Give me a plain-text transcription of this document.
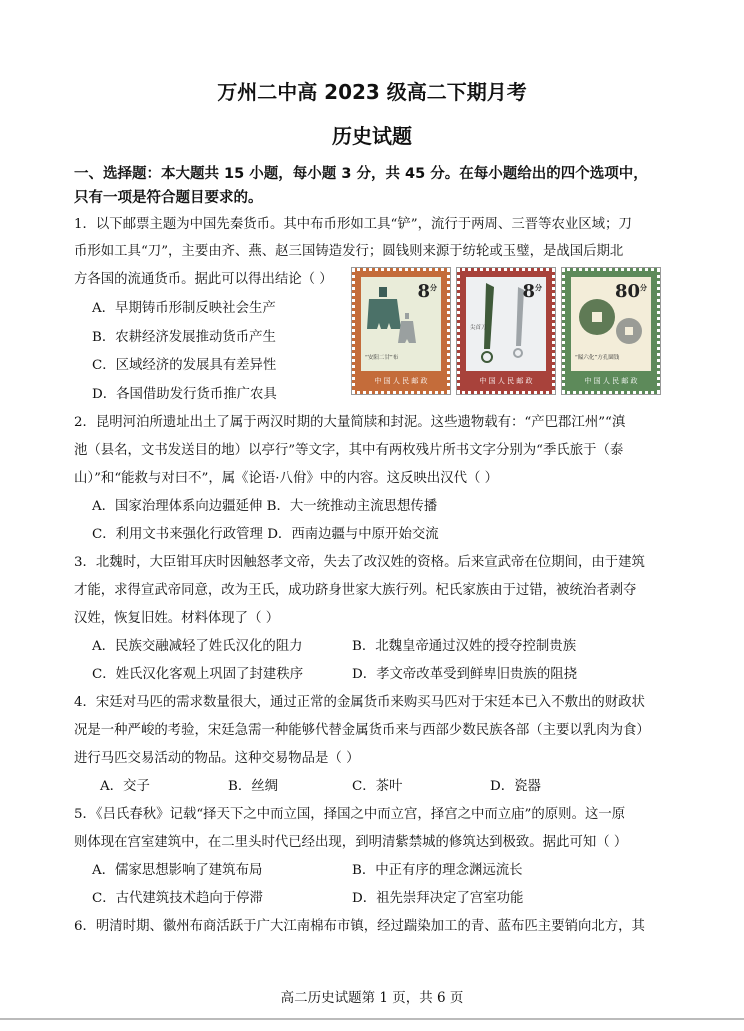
万州二中高 2023 级高二下期月考
历史试题
一、选择题：本大题共 15 小题，每小题 3 分，共 45 分。在每小题给出的四个选项中，
只有一项是符合题目要求的。
1．以下邮票主题为中国先秦货币。其中布币形如工具“铲”，流行于两周、三晋等农业区域；刀
币形如工具“刀”，主要由齐、燕、赵三国铸造发行；圆钱则来源于纺轮或玉璧，是战国后期北
方各国的流通货币。据此可以得出结论（ ）
A．早期铸币形制反映社会生产
B．农耕经济发展推动货币产生
C．区域经济的发展具有差异性
D．各国借助发行货币推广农具
$8^分$
“安阳二甘”布
中 国 人 民 邮 政
$8^分$
尖首刀
中 国 人 民 邮 政
$80^分$
“賹六化”方孔圜钱
中 国 人 民 邮 政
2．昆明河泊所遗址出土了属于两汉时期的大量简牍和封泥。这些遗物载有：“产巴郡江州”“滇
池（县名，文书发送目的地）以亭行”等文字，其中有两枚残片所书文字分别为“季氏旅于（泰
山）”和“能救与对曰不”，属《论语·八佾》中的内容。这反映出汉代（ ）
A．国家治理体系向边疆延伸 B．大一统推动主流思想传播
C．利用文书来强化行政管理 D．西南边疆与中原开始交流
3．北魏时，大臣钳耳庆时因触怒孝文帝，失去了改汉姓的资格。后来宣武帝在位期间，由于建筑
才能，求得宣武帝同意，改为王氏，成功跻身世家大族行列。杞氏家族由于过错，被统治者剥夺
汉姓，恢复旧姓。材料体现了（ ）
A．民族交融减轻了姓氏汉化的阻力	B．北魏皇帝通过汉姓的授夺控制贵族
C．姓氏汉化客观上巩固了封建秩序	D．孝文帝改革受到鲜卑旧贵族的阻挠
4．宋廷对马匹的需求数量很大，通过正常的金属货币来购买马匹对于宋廷本已入不敷出的财政状
况是一种严峻的考验，宋廷急需一种能够代替金属货币来与西部少数民族各部（主要以乳肉为食）
进行马匹交易活动的物品。这种交易物品是（ ）
A．交子	B．丝绸	C．茶叶	D．瓷器
5．《吕氏春秋》记载“择天下之中而立国，择国之中而立宫，择宫之中而立庙”的原则。这一原
则体现在宫室建筑中，在二里头时代已经出现，到明清紫禁城的修筑达到极致。据此可知（ ）
A．儒家思想影响了建筑布局	B．中正有序的理念渊远流长
C．古代建筑技术趋向于停滞	D．祖先崇拜决定了宫室功能
6．明清时期、徽州布商活跃于广大江南棉布市镇，经过踹染加工的青、蓝布匹主要销向北方，其
高二历史试题第 1 页，共 6 页
